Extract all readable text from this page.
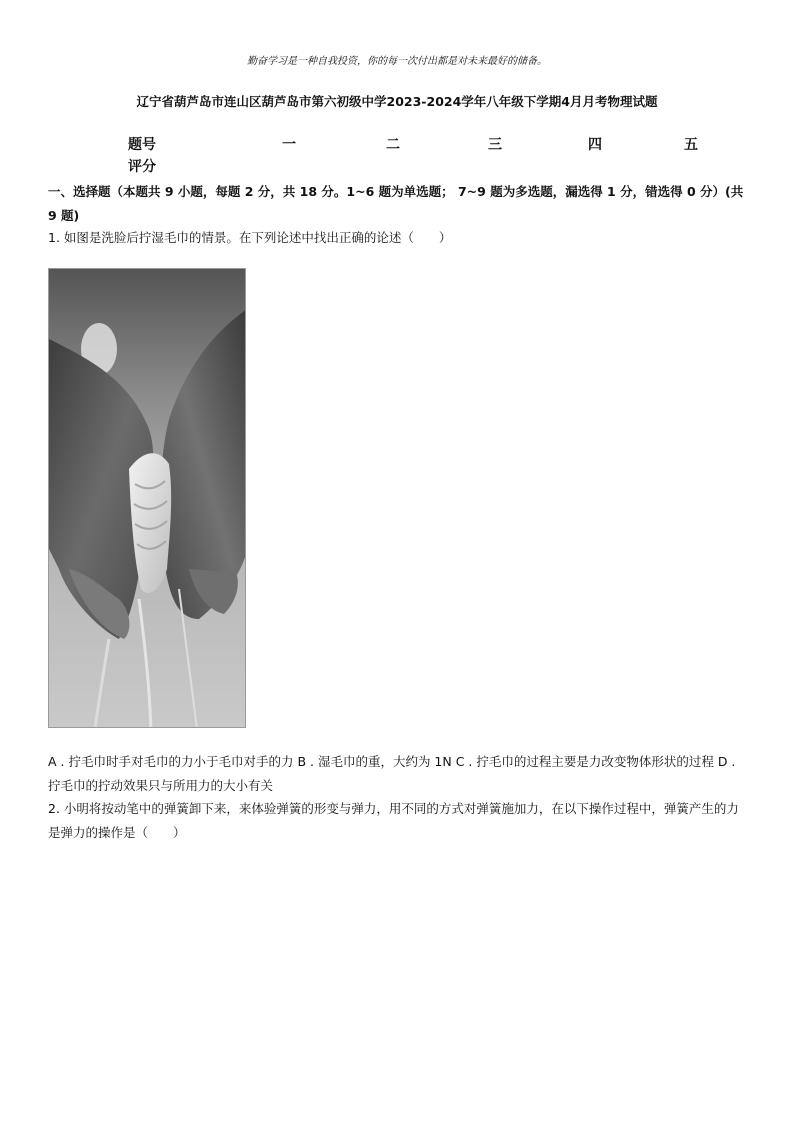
勤奋学习是一种自我投资，你的每一次付出都是对未来最好的储备。
辽宁省葫芦岛市连山区葫芦岛市第六初级中学2023-2024学年八年级下学期4月月考物理试题
题号	一	二	三	四	五
评分
一、选择题（本题共 9 小题，每题 2 分，共 18 分。1~6 题为单选题； 7~9 题为多选题，漏选得 1 分，错选得 0 分）(共 9 题)
1. 如图是洗脸后拧湿毛巾的情景。在下列论述中找出正确的论述（　　）
A . 拧毛巾时手对毛巾的力小于毛巾对手的力 B . 湿毛巾的重，大约为 1N C . 拧毛巾的过程主要是力改变物体形状的过程 D . 拧毛巾的拧动效果只与所用力的大小有关
2. 小明将按动笔中的弹簧卸下来，来体验弹簧的形变与弹力，用不同的方式对弹簧施加力，在以下操作过程中，弹簧产生的力是弹力的操作是（　　）
